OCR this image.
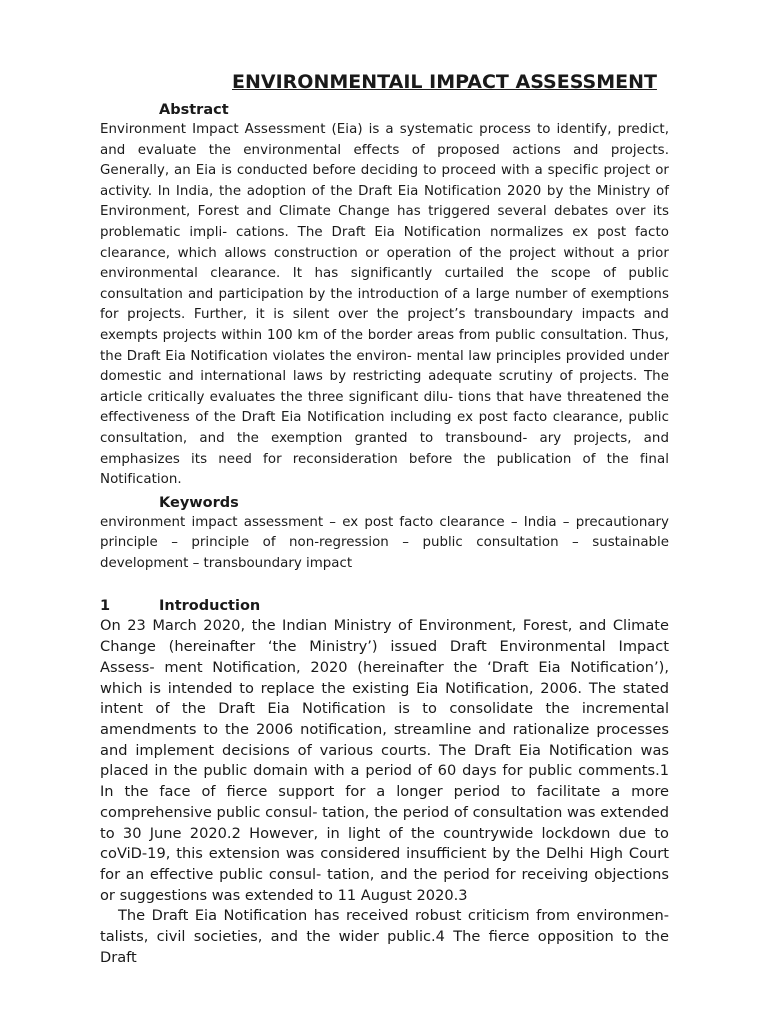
ENVIRONMENTAIL IMPACT ASSESSMENT
Abstract

Environment Impact Assessment (Eia) is a systematic process to identify, predict, and evaluate the environmental effects of proposed actions and projects. Generally, an Eia is conducted before deciding to proceed with a specific project or activity. In India, the adoption of the Draft Eia Notification 2020 by the Ministry of Environment, Forest and Climate Change has triggered several debates over its problematic impli- cations. The Draft Eia Notification normalizes ex post facto clearance, which allows construction or operation of the project without a prior environmental clearance. It has significantly curtailed the scope of public consultation and participation by the introduction of a large number of exemptions for projects. Further, it is silent over the project’s transboundary impacts and exempts projects within 100 km of the border areas from public consultation. Thus, the Draft Eia Notification violates the environ- mental law principles provided under domestic and international laws by restricting adequate scrutiny of projects. The article critically evaluates the three significant dilu- tions that have threatened the effectiveness of the Draft Eia Notification including ex post facto clearance, public consultation, and the exemption granted to transbound- ary projects, and emphasizes its need for reconsideration before the publication of the final Notification.

Keywords

environment impact assessment – ex post facto clearance – India – precautionary principle – principle of non-regression – public consultation – sustainable development – transboundary impact

1	Introduction

On 23 March 2020, the Indian Ministry of Environment, Forest, and Climate Change (hereinafter ‘the Ministry’) issued Draft Environmental Impact Assess- ment Notification, 2020 (hereinafter the ‘Draft Eia Notification’), which is intended to replace the existing Eia Notification, 2006. The stated intent of the Draft Eia Notification is to consolidate the incremental amendments to the 2006 notification, streamline and rationalize processes and implement decisions of various courts. The Draft Eia Notification was placed in the public domain with a period of 60 days for public comments.1 In the face of fierce support for a longer period to facilitate a more comprehensive public consul- tation, the period of consultation was extended to 30 June 2020.2 However, in light of the countrywide lockdown due to coViD-19, this extension was considered insufficient by the Delhi High Court for an effective public consul- tation, and the period for receiving objections or suggestions was extended to 11 August 2020.3

The Draft Eia Notification has received robust criticism from environmen- talists, civil societies, and the wider public.4 The fierce opposition to the Draft
